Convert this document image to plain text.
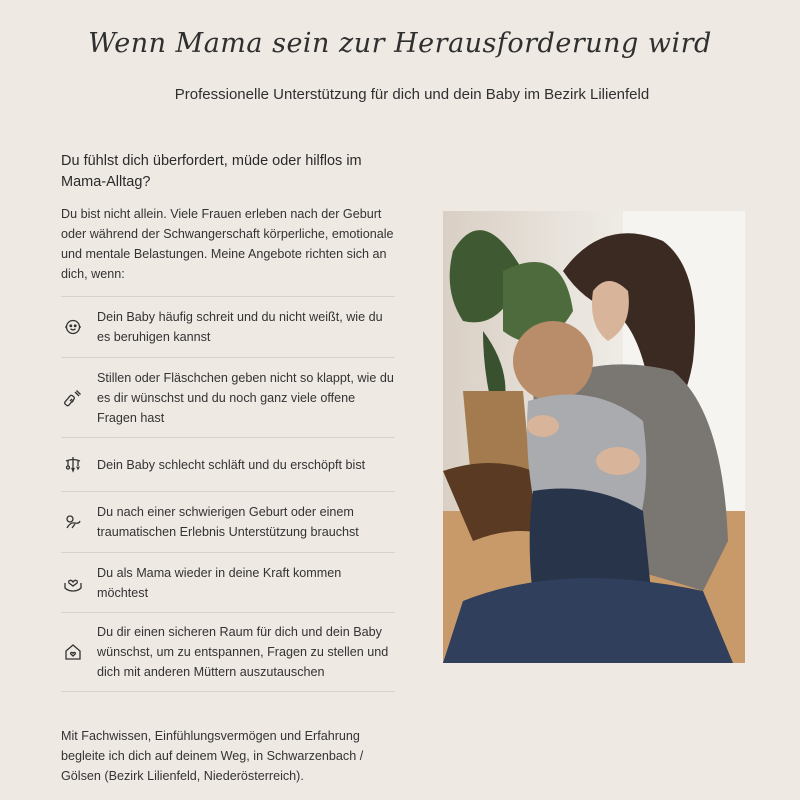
Wenn Mama sein zur Herausforderung wird
Professionelle Unterstützung für dich und dein Baby im Bezirk Lilienfeld
Du fühlst dich überfordert, müde oder hilflos im Mama-Alltag?
Du bist nicht allein. Viele Frauen erleben nach der Geburt oder während der Schwangerschaft körperliche, emotionale und mentale Belastungen. Meine Angebote richten sich an dich, wenn:
Dein Baby häufig schreit und du nicht weißt, wie du es beruhigen kannst
Stillen oder Fläschchen geben nicht so klappt, wie du es dir wünschst und du noch ganz viele offene Fragen hast
Dein Baby schlecht schläft und du erschöpft bist
Du nach einer schwierigen Geburt oder einem traumatischen Erlebnis Unterstützung brauchst
Du als Mama wieder in deine Kraft kommen möchtest
Du dir einen sicheren Raum für dich und dein Baby wünschst, um zu entspannen, Fragen zu stellen und dich mit anderen Müttern auszutauschen
Mit Fachwissen, Einfühlungsvermögen und Erfahrung begleite ich dich auf deinem Weg, in Schwarzenbach / Gölsen (Bezirk Lilienfeld, Niederösterreich).
